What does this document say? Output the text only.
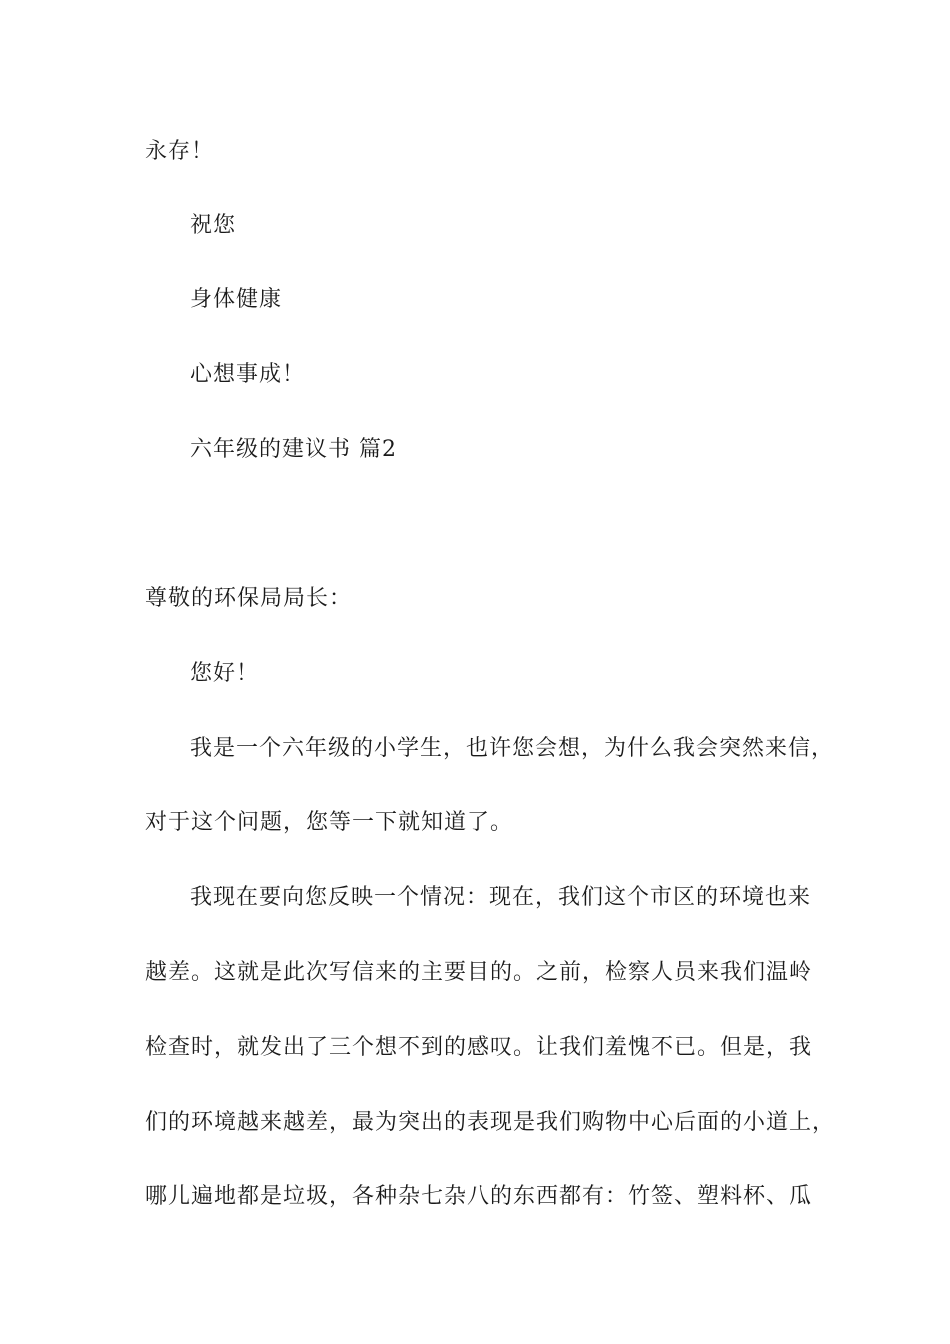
永存！

祝您

身体健康

心想事成！

六年级的建议书 篇2

尊敬的环保局局长：

您好！

我是一个六年级的小学生，也许您会想，为什么我会突然来信，

对于这个问题，您等一下就知道了。

我现在要向您反映一个情况：现在，我们这个市区的环境也来

越差。这就是此次写信来的主要目的。之前，检察人员来我们温岭

检查时，就发出了三个想不到的感叹。让我们羞愧不已。但是，我

们的环境越来越差，最为突出的表现是我们购物中心后面的小道上，

哪儿遍地都是垃圾，各种杂七杂八的东西都有：竹签、塑料杯、瓜
